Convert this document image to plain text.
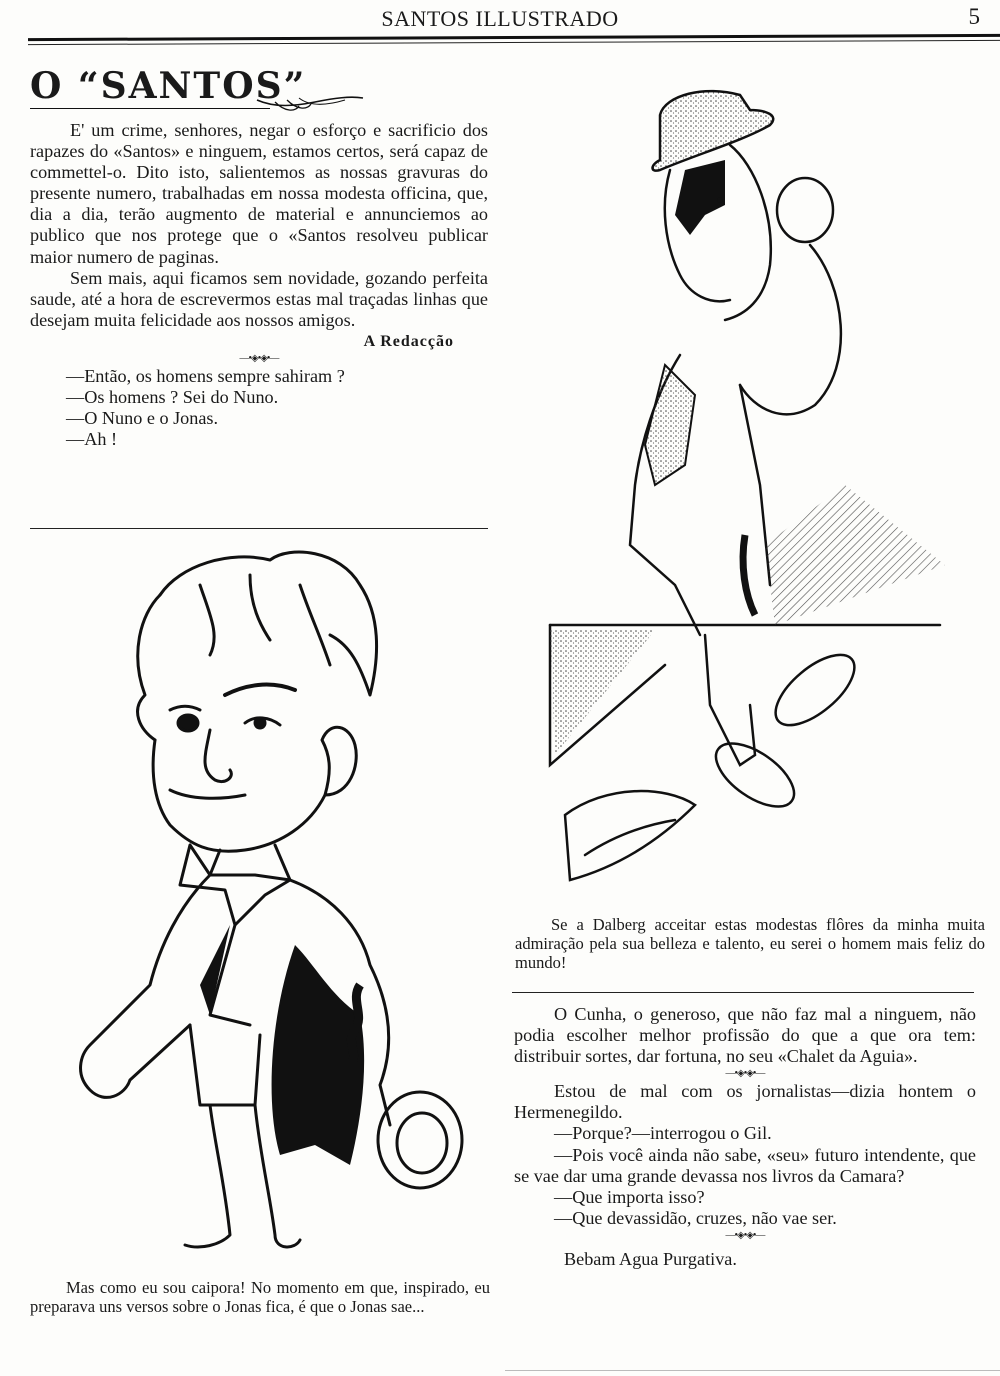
SANTOS ILLUSTRADO	5
O “SANTOS”

E' um crime, senhores, negar o esforço e sacrificio dos rapazes do «Santos» e ninguem, estamos certos, será capaz de commettel-o. Dito isto, salientemos as nossas gravuras do presente numero, trabalhadas em nossa modesta officina, que, dia a dia, terão augmento de material e annunciemos ao publico que nos protege que o «Santos resolveu publicar maior numero de paginas.

Sem mais, aqui ficamos sem novidade, gozando perfeita saude, até a hora de escrevermos estas mal traçadas linhas que desejam muita felicidade aos nossos amigos.

A Redacção

—•◈•◈•—

—Então, os homens sempre sahiram ?

—Os homens ? Sei do Nuno.

—O Nuno e o Jonas.

—Ah !

Mas como eu sou caipora! No momento em que, inspirado, eu preparava uns versos sobre o Jonas fica, é que o Jonas sae...

Se a Dalberg acceitar estas modestas flôres da minha muita admiração pela sua belleza e talento, eu serei o homem mais feliz do mundo!

O Cunha, o generoso, que não faz mal a ninguem, não podia escolher melhor profissão do que a que ora tem: distribuir sortes, dar fortuna, no seu «Chalet da Aguia».

—•◈•◈•—

Estou de mal com os jornalistas—dizia hontem o Hermenegildo.

—Porque?—interrogou o Gil.

—Pois você ainda não sabe, «seu» futuro intendente, que se vae dar uma grande devassa nos livros da Camara?

—Que importa isso?

—Que devassidão, cruzes, não vae ser.

—•◈•◈•—

Bebam Agua Purgativa.
